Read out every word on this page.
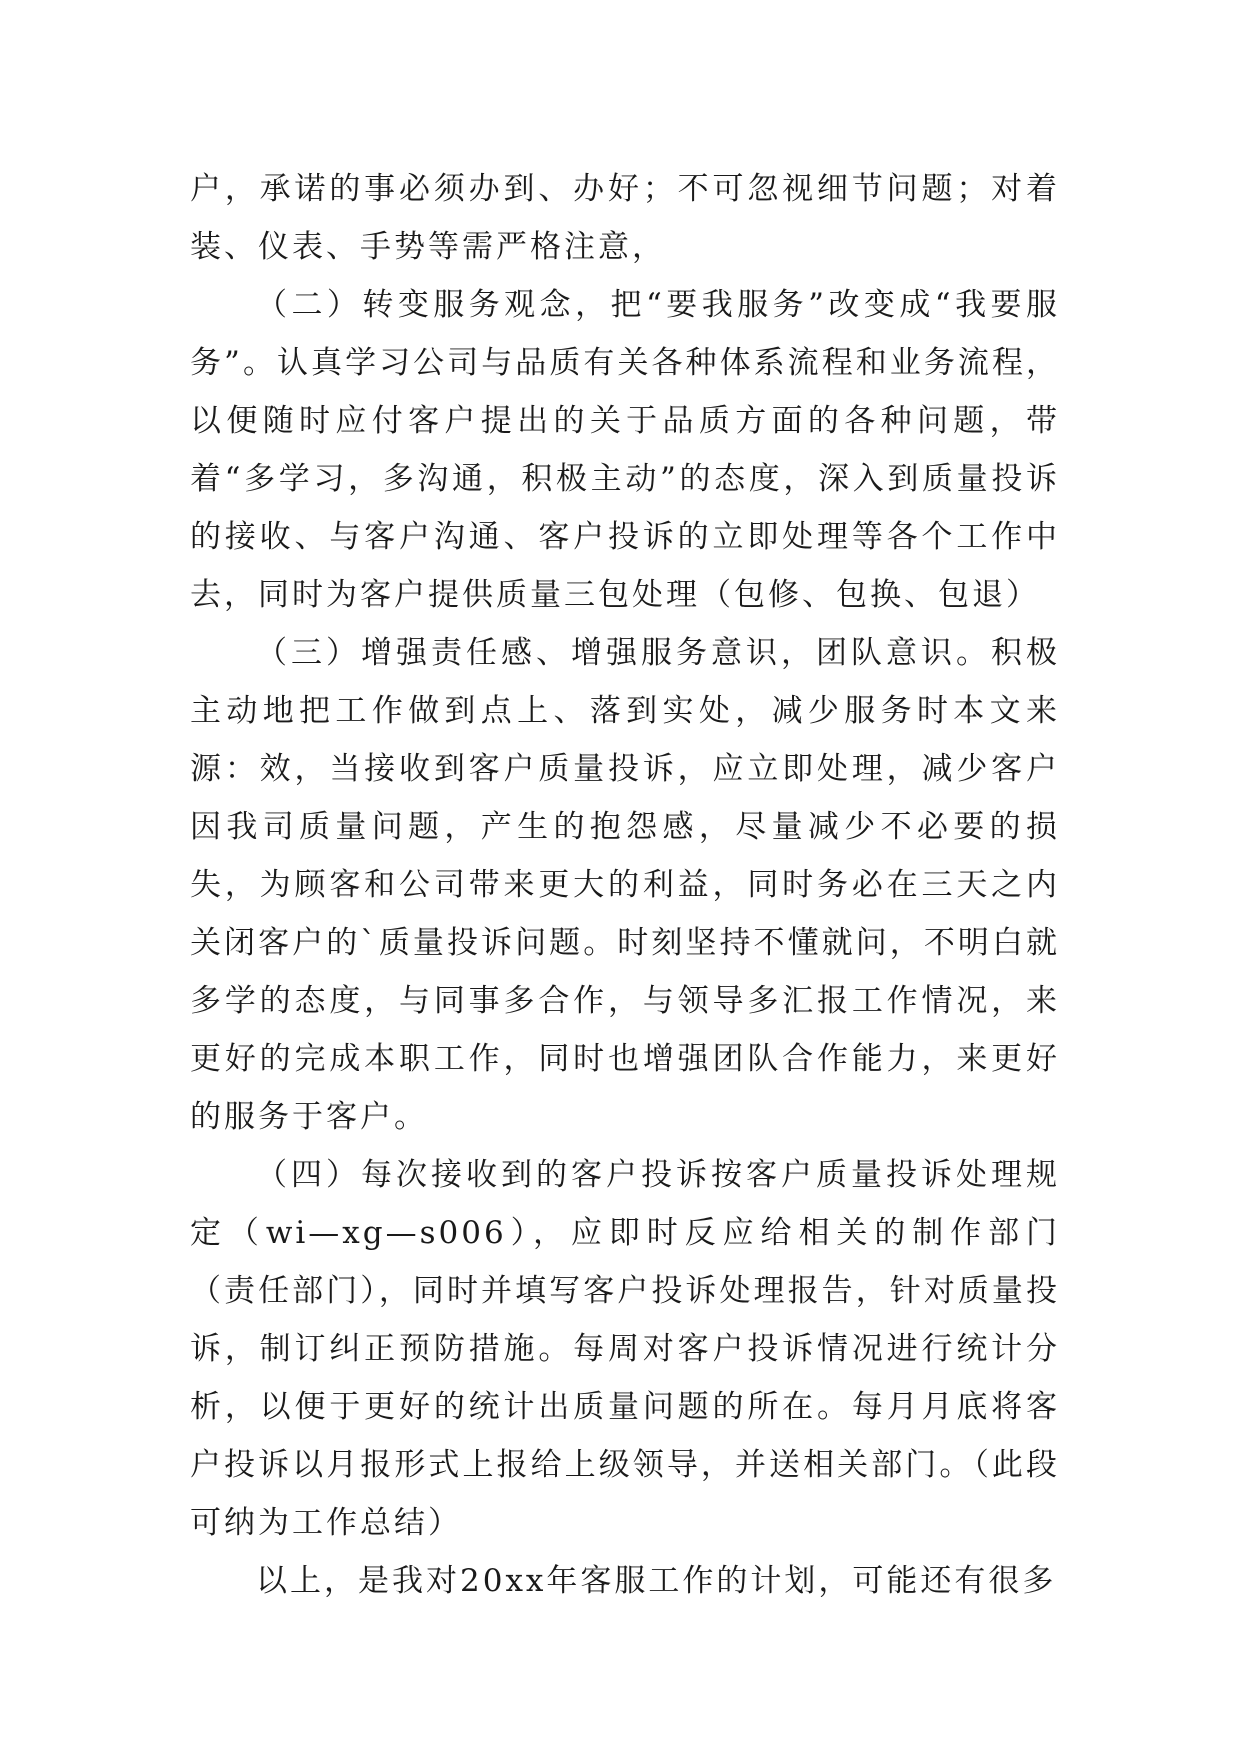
户，承诺的事必须办到、办好；不可忽视细节问题；对着装、仪表、手势等需严格注意，

（二）转变服务观念，把“要我服务”改变成“我要服务”。认真学习公司与品质有关各种体系流程和业务流程，以便随时应付客户提出的关于品质方面的各种问题，带着“多学习，多沟通，积极主动”的态度，深入到质量投诉的接收、与客户沟通、客户投诉的立即处理等各个工作中去，同时为客户提供质量三包处理（包修、包换、包退）

（三）增强责任感、增强服务意识，团队意识。积极主动地把工作做到点上、落到实处，减少服务时本文来源：效，当接收到客户质量投诉，应立即处理，减少客户因我司质量问题，产生的抱怨感，尽量减少不必要的损失，为顾客和公司带来更大的利益，同时务必在三天之内关闭客户的`质量投诉问题。时刻坚持不懂就问，不明白就多学的态度，与同事多合作，与领导多汇报工作情况，来更好的完成本职工作，同时也增强团队合作能力，来更好的服务于客户。

（四）每次接收到的客户投诉按客户质量投诉处理规定（wi—xg—s006），应即时反应给相关的制作部门（责任部门），同时并填写客户投诉处理报告，针对质量投诉，制订纠正预防措施。每周对客户投诉情况进行统计分析，以便于更好的统计出质量问题的所在。每月月底将客户投诉以月报形式上报给上级领导，并送相关部门。（此段可纳为工作总结）

以上，是我对20xx年客服工作的计划，可能还有很多
